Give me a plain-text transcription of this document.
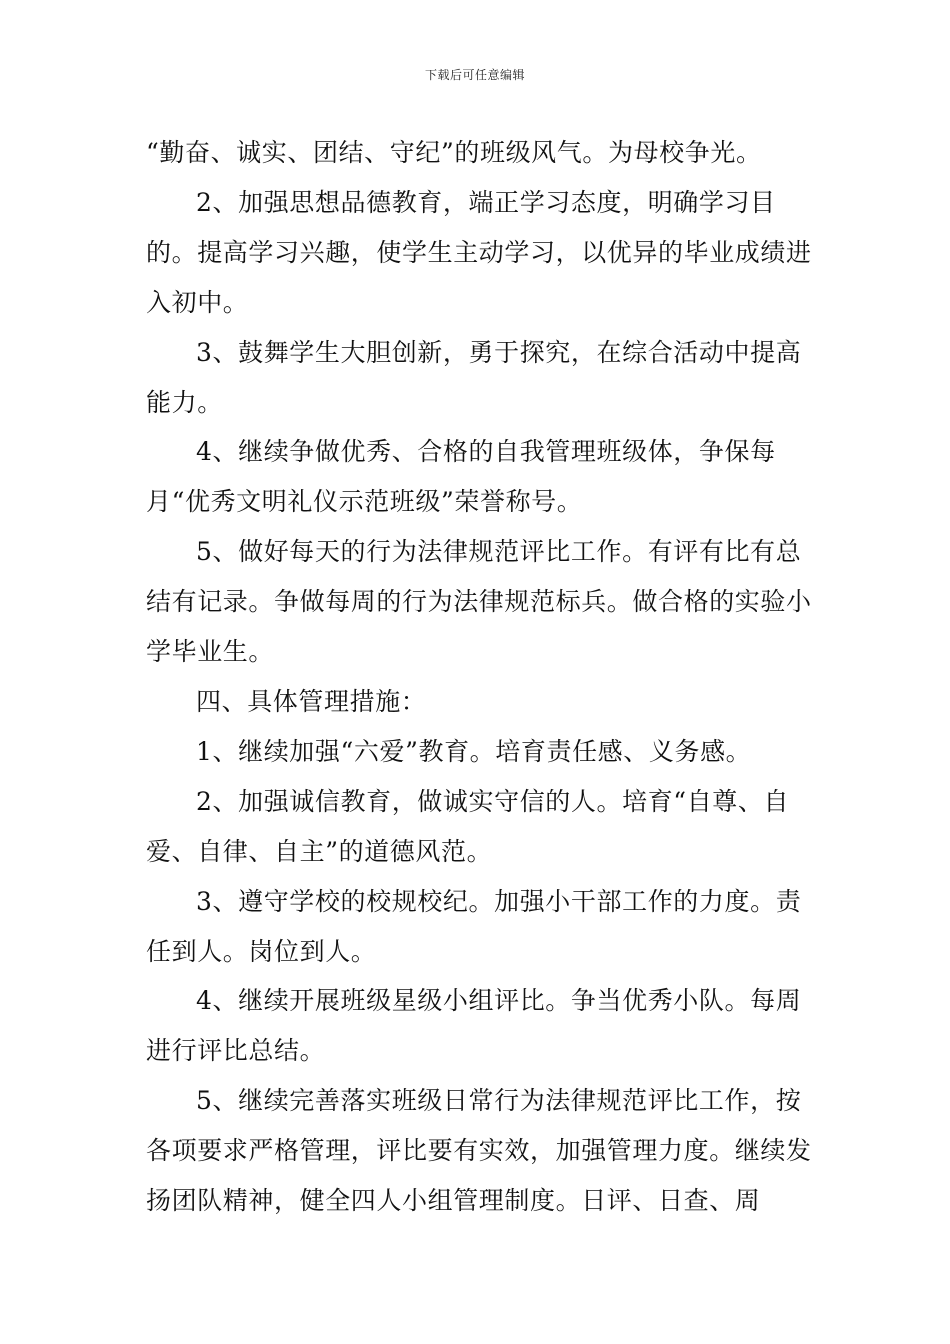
下载后可任意编辑

“勤奋、诚实、团结、守纪”的班级风气。为母校争光。

2、加强思想品德教育，端正学习态度，明确学习目的。提高学习兴趣，使学生主动学习，以优异的毕业成绩进入初中。

3、鼓舞学生大胆创新，勇于探究，在综合活动中提高能力。

4、继续争做优秀、合格的自我管理班级体，争保每月“优秀文明礼仪示范班级”荣誉称号。

5、做好每天的行为法律规范评比工作。有评有比有总结有记录。争做每周的行为法律规范标兵。做合格的实验小学毕业生。

四、具体管理措施：

1、继续加强“六爱”教育。培育责任感、义务感。

2、加强诚信教育，做诚实守信的人。培育“自尊、自爱、自律、自主”的道德风范。

3、遵守学校的校规校纪。加强小干部工作的力度。责任到人。岗位到人。

4、继续开展班级星级小组评比。争当优秀小队。每周进行评比总结。

5、继续完善落实班级日常行为法律规范评比工作，按各项要求严格管理，评比要有实效，加强管理力度。继续发扬团队精神，健全四人小组管理制度。日评、日查、周
